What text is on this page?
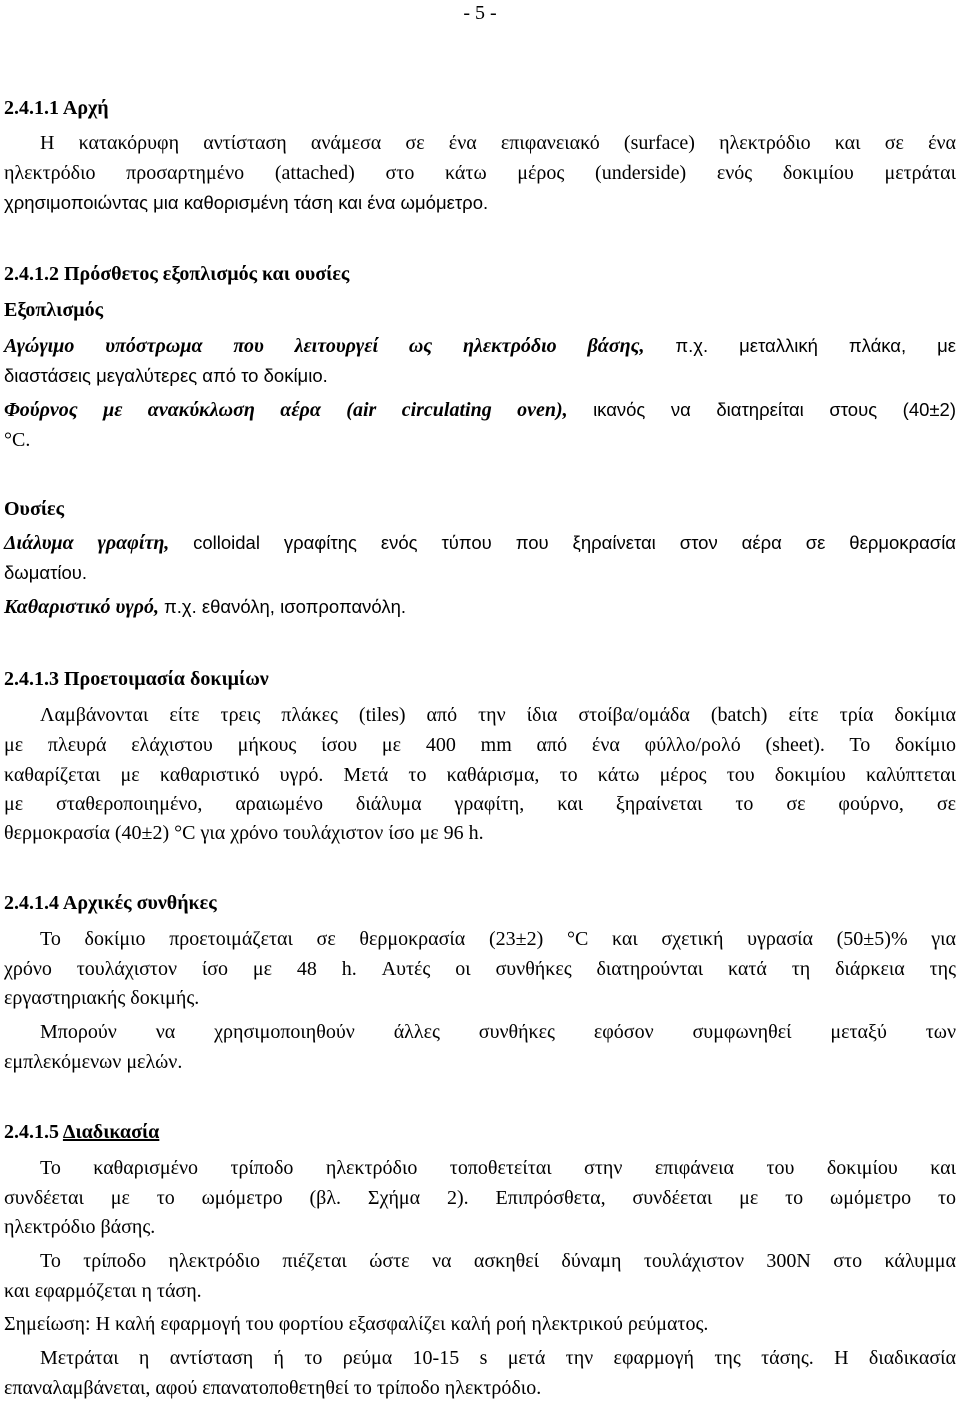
- 5 -
2.4.1.1 Αρχή
Η κατακόρυφη αντίσταση ανάμεσα σε ένα επιφανειακό (surface) ηλεκτρόδιο και σε ένα
ηλεκτρόδιο προσαρτημένο (attached) στο κάτω μέρος (underside) ενός δοκιμίου μετράται
χρησιμοποιώντας μια καθορισμένη τάση και ένα ωμόμετρο.
2.4.1.2 Πρόσθετος εξοπλισμός και ουσίες
Εξοπλισμός
Αγώγιμο υπόστρωμα που λειτουργεί ως ηλεκτρόδιο βάσης, π.χ. μεταλλική πλάκα, με
διαστάσεις μεγαλύτερες από το δοκίμιο.
Φούρνος με ανακύκλωση αέρα (air circulating oven), ικανός να διατηρείται στους (40±2)
°C.
Ουσίες
Διάλυμα γραφίτη, colloidal γραφίτης ενός τύπου που ξηραίνεται στον αέρα σε θερμοκρασία
δωματίου.
Καθαριστικό υγρό, π.χ. εθανόλη, ισοπροπανόλη.
2.4.1.3 Προετοιμασία δοκιμίων
Λαμβάνονται είτε τρεις πλάκες (tiles) από την ίδια στοίβα/ομάδα (batch) είτε τρία δοκίμια
με πλευρά ελάχιστου μήκους ίσου με 400 mm από ένα φύλλο/ρολό (sheet). Το δοκίμιο
καθαρίζεται με καθαριστικό υγρό. Μετά το καθάρισμα, το κάτω μέρος του δοκιμίου καλύπτεται
με σταθεροποιημένο, αραιωμένο διάλυμα γραφίτη, και ξηραίνεται το σε φούρνο, σε
θερμοκρασία (40±2) °C για χρόνο τουλάχιστον ίσο με 96 h.
2.4.1.4 Αρχικές συνθήκες
Το δοκίμιο προετοιμάζεται σε θερμοκρασία (23±2) °C και σχετική υγρασία (50±5)% για
χρόνο τουλάχιστον ίσο με 48 h. Αυτές οι συνθήκες διατηρούνται κατά τη διάρκεια της
εργαστηριακής δοκιμής.
Μπορούν να χρησιμοποιηθούν άλλες συνθήκες εφόσον συμφωνηθεί μεταξύ των
εμπλεκόμενων μελών.
2.4.1.5 Διαδικασία
Το καθαρισμένο τρίποδο ηλεκτρόδιο τοποθετείται στην επιφάνεια του δοκιμίου και
συνδέεται με το ωμόμετρο (βλ. Σχήμα 2). Επιπρόσθετα, συνδέεται με το ωμόμετρο το
ηλεκτρόδιο βάσης.
Το τρίποδο ηλεκτρόδιο πιέζεται ώστε να ασκηθεί δύναμη τουλάχιστον 300N στο κάλυμμα
και εφαρμόζεται η τάση.
Σημείωση: Η καλή εφαρμογή του φορτίου εξασφαλίζει καλή ροή ηλεκτρικού ρεύματος.
Μετράται η αντίσταση ή το ρεύμα 10-15 s μετά την εφαρμογή της τάσης. Η διαδικασία
επαναλαμβάνεται, αφού επανατοποθετηθεί το τρίποδο ηλεκτρόδιο.
